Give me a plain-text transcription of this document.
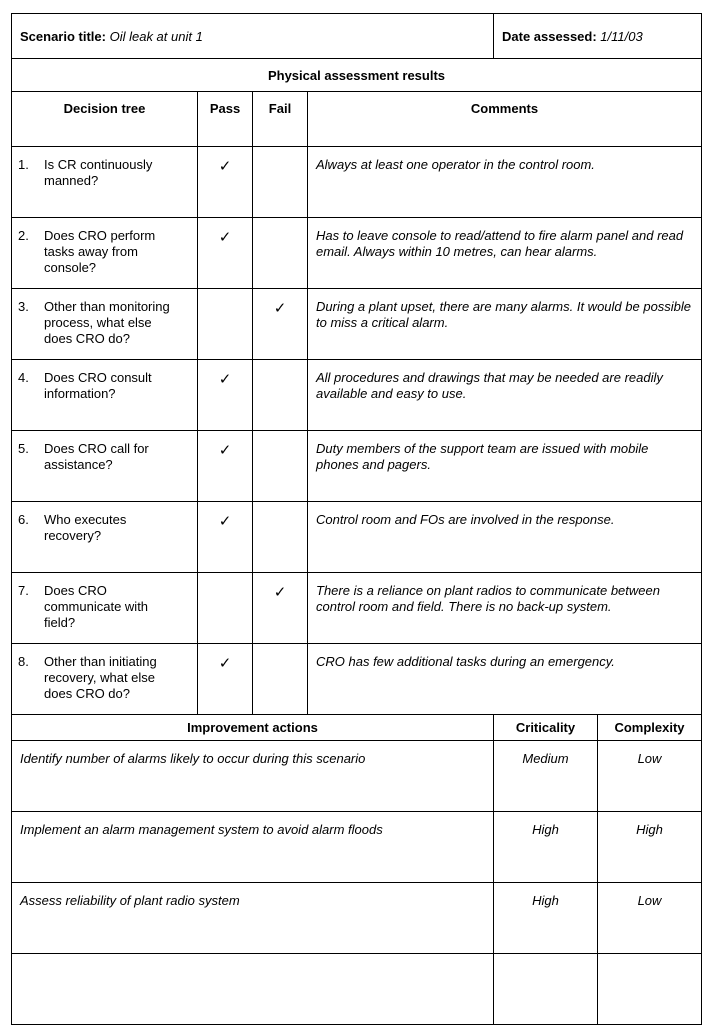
Scenario title: Oil leak at unit 1				Date assessed: 1/11/03	
Physical assessment results					
Decision tree	Pass	Fail	Comments		
1. Is CR continuously manned?	✓		Always at least one operator in the control room.		
2. Does CRO perform tasks away from console?	✓		Has to leave console to read/attend to fire alarm panel and read email. Always within 10 metres, can hear alarms.		
3. Other than monitoring process, what else does CRO do?		✓	During a plant upset, there are many alarms. It would be possible to miss a critical alarm.		
4. Does CRO consult information?	✓		All procedures and drawings that may be needed are readily available and easy to use.		
5. Does CRO call for assistance?	✓		Duty members of the support team are issued with mobile phones and pagers.		
6. Who executes recovery?	✓		Control room and FOs are involved in the response.		
7. Does CRO communicate with field?		✓	There is a reliance on plant radios to communicate between control room and field. There is no back-up system.		
8. Other than initiating recovery, what else does CRO do?	✓		CRO has few additional tasks during an emergency.		
Improvement actions				Criticality	Complexity
Identify number of alarms likely to occur during this scenario				Medium	Low
Implement an alarm management system to avoid alarm floods				High	High
Assess reliability of plant radio system				High	Low
